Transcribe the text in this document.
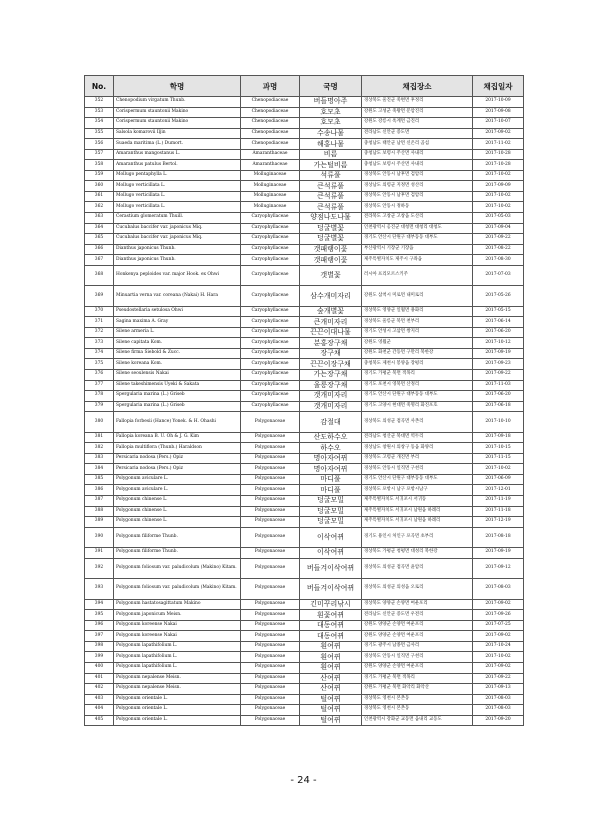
No.	학명	과명	국명	채집장소	채집일자
352	Chenopodium virgatum Thunb.	Chenopodiaceae	버들명아주	경상북도 울진군 죽변면 후정리	2017-10-09
353	Corispermum stauntonii Makino	Chenopodiaceae	호모초	강원도 고성군 죽왕면 문암진리	2017-09-08
354	Corispermum stauntonii Makino	Chenopodiaceae	호모초	강원도 강릉시 옥계면 금진리	2017-10-07
355	Salsola komarovii Iljin	Chenopodiaceae	수송나물	전라남도 신안군 증도면	2017-09-02
356	Suaeda maritima (L.) Dumort.	Chenopodiaceae	해홍나물	충청남도 태안군 남면 신온리 곰섬	2017-11-02
357	Amaranthus mangostanus L.	Amaranthaceae	비름	충청남도 보령시 주산면 사내리	2017-10-28
358	Amaranthus patulus Bertol.	Amaranthaceae	가는털비름	충청남도 보령시 주산면 사내리	2017-10-28
359	Mollugo pentaphylla L.	Molluginaceae	석류풀	경상북도 안동시 남후면 검암리	2017-10-02
360	Mollugo verticillata L.	Molluginaceae	큰석류풀	경상남도 의령군 지정면 성산리	2017-09-09
361	Mollugo verticillata L.	Molluginaceae	큰석류풀	경상북도 안동시 남후면 검암리	2017-10-02
362	Mollugo verticillata L.	Molluginaceae	큰석류풀	경상북도 안동시 정하동	2017-10-02
363	Cerastium glomeratum Thuill.	Caryophyllaceae	양점나도나물	전라북도 고창군 고창읍 도산리	2017-05-03
364	Cucubalus baccifer var. japonicus Miq.	Caryophyllaceae	덩굴별꽃	인천광역시 옹진군 대청면 대청리 대청도	2017-09-04
365	Cucubalus baccifer var. japonicus Miq.	Caryophyllaceae	덩굴별꽃	경기도 안산시 단원구 대부동동 대부도	2017-09-22
366	Dianthus japonicus Thunb.	Caryophyllaceae	갯패랭이꽃	부산광역시 기장군 기장읍	2017-08-22
367	Dianthus japonicus Thunb.	Caryophyllaceae	갯패랭이꽃	제주특별자치도 제주시 구좌읍	2017-08-30
368	Honkenya peploides var. major Hook. ex Ohwi	Caryophyllaceae	갯별꽃	러시아 프리모르스키주	2017-07-03
369	Minuartia verna var. coreana (Nakai) H. Hara	Caryophyllaceae	삼수개미자리	강원도 삼척시 미로면 내미로리	2017-05-26
370	Pseudostellaria setulosa Ohwi	Caryophyllaceae	숲개별꽃	경상북도 영양군 일월면 용화리	2017-05-15
371	Sagina maxima A. Gray	Caryophyllaceae	큰개미자리	경상북도 울릉군 북면 천부리	2017-06-14
372	Silene armeria L.	Caryophyllaceae	끈끈이대나물	경기도 안성시 고삼면 쌍지리	2017-06-20
373	Silene capitata Kom.	Caryophyllaceae	분홍장구채	강원도 영월군	2017-10-12
374	Silene firma Siebold & Zucc.	Caryophyllaceae	장구채	강원도 화천군 간동면 구만리 북한강	2017-09-19
375	Silene koreana Kom.	Caryophyllaceae	끈끈이장구채	충청북도 제천시 봉양읍 장평리	2017-09-23
376	Silene seoulensis Nakai	Caryophyllaceae	가는장구채	경기도 가평군 북면 적목리	2017-09-22
377	Silene takeshimensis Uyeki & Sakata	Caryophyllaceae	울릉장구채	경기도 포천시 영북면 산정리	2017-11-03
378	Spergularia marina (L.) Griseb	Caryophyllaceae	갯개미자리	경기도 안산시 단원구 대부동동 대부도	2017-06-20
379	Spergularia marina (L.) Griseb	Caryophyllaceae	갯개미자리	경기도 고양시 현대면 죽명리 화진포호	2017-06-18
380	Fallopia forbesii (Hance) Yonek. & H. Ohashi	Polygonaceae	감절대	경상북도 의성군 점곡면 사촌리	2017-10-10
381	Fallopia koreana B. U. Oh & J. G. Kim	Polygonaceae	산도하수오	전라남도 청산군 북대면 역두리	2017-09-18
382	Fallopia multiflora (Thunb.) Haraldson	Polygonaceae	하수오	경상남도 창원시 의창구 동읍 화양리	2017-10-15
383	Persicaria nodosa (Pers.) Opiz	Polygonaceae	명아자여뀌	경상북도 고령군 개진면 부리	2017-11-15
384	Persicaria nodosa (Pers.) Opiz	Polygonaceae	명아자여뀌	경상북도 안동시 일직면 구천리	2017-10-02
385	Polygonum aviculare L.	Polygonaceae	마디풀	경기도 안산시 단원구 대부동동 대부도	2017-06-09
386	Polygonum aviculare L.	Polygonaceae	마디풀	경상북도 포항시 남구 포항시남구	2017-12-01
387	Polygonum chinense L.	Polygonaceae	덩굴모밀	제주특별자치도 서귀포시 서귀동	2017-11-19
388	Polygonum chinense L.	Polygonaceae	덩굴모밀	제주특별자치도 서귀포시 남원읍 하례리	2017-11-18
389	Polygonum chinense L.	Polygonaceae	덩굴모밀	제주특별자치도 서귀포시 남원읍 하례리	2017-12-19
390	Polygonum filiforme Thunb.	Polygonaceae	이삭여뀌	경기도 용인시 처인구 포곡면 초부리	2017-08-18
391	Polygonum filiforme Thunb.	Polygonaceae	이삭여뀌	경상북도 가평군 청평면 대성리 북한강	2017-09-19
392	Polygonum foliosum var. paludicolum (Makino) Kitam.	Polygonaceae	버들겨이삭여뀌	경상북도 의성군 점곡면 윤암리	2017-09-12
393	Polygonum foliosum var. paludicolum (Makino) Kitam.	Polygonaceae	버들겨이삭여뀌	경상북도 의성군 의성읍 오로리	2017-08-03
394	Polygonum hastatosagittatum Makino	Polygonaceae	긴미꾸리낚시	경상북도 양양군 손양면 여운포리	2017-09-02
395	Polygonum japonicum Meisn.	Polygonaceae	흰꽃여뀌	전라남도 신안군 증도면 우전리	2017-09-26
396	Polygonum koreense Nakai	Polygonaceae	대동여뀌	강원도 양양군 손양면 여운포리	2017-07-25
397	Polygonum koreense Nakai	Polygonaceae	대동여뀌	강원도 양양군 손양면 여운포리	2017-09-02
398	Polygonum lapathifolium L.	Polygonaceae	흰여뀌	경기도 광주시 남종면 금사리	2017-10-24
399	Polygonum lapathifolium L.	Polygonaceae	흰여뀌	경상북도 안동시 일직면 구천리	2017-10-02
400	Polygonum lapathifolium L.	Polygonaceae	흰여뀌	강원도 양양군 손양면 여운포리	2017-09-02
401	Polygonum nepalense Meisn.	Polygonaceae	산여뀌	경기도 가평군 북면 적목리	2017-09-22
402	Polygonum nepalense Meisn.	Polygonaceae	산여뀌	강원도 가평군 북면 화악리 화악산	2017-09-13
403	Polygonum orientale L.	Polygonaceae	털여뀌	경상북도 영천시 본촌동	2017-08-03
404	Polygonum orientale L.	Polygonaceae	털여뀌	경상북도 영천시 본촌동	2017-08-03
405	Polygonum orientale L.	Polygonaceae	털여뀌	인천광역시 강화군 교동면 읍내리 교동도	2017-09-20
- 24 -
